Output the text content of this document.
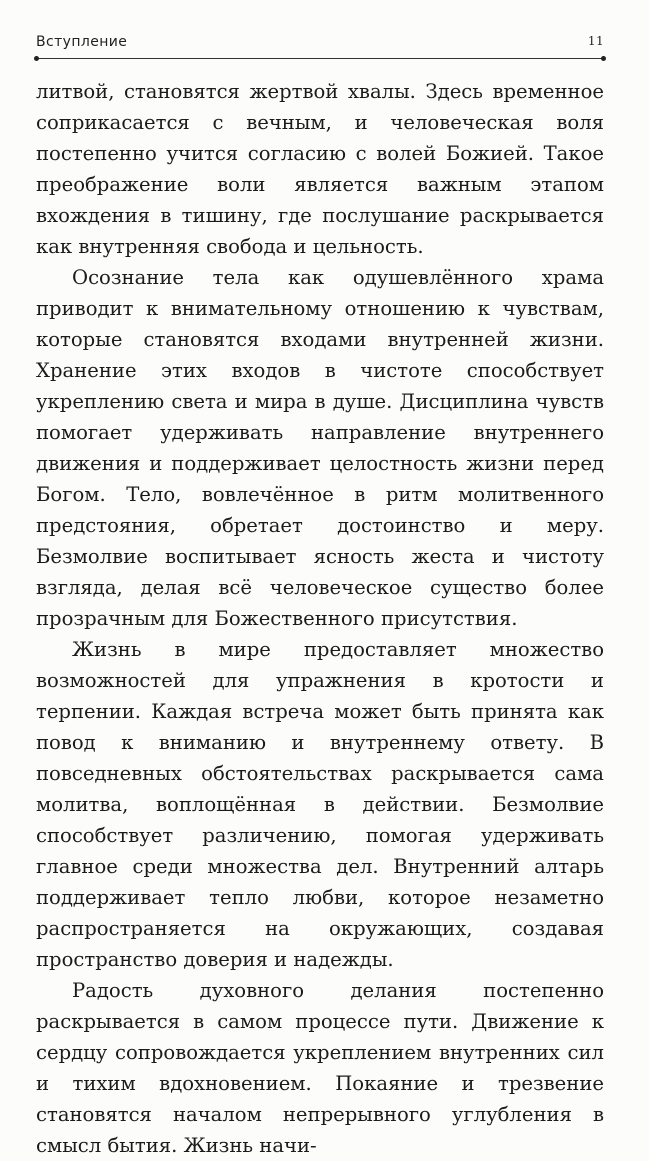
Вступление	11

литвой, становятся жертвой хвалы. Здесь временное соприкасается с вечным, и человеческая воля постепенно учится согласию с волей Божией. Такое преображение воли является важным этапом вхождения в тишину, где послушание раскрывается как внутренняя свобода и цельность.

Осознание тела как одушевлённого храма приводит к внимательному отношению к чувствам, которые становятся входами внутренней жизни. Хранение этих входов в чистоте способствует укреплению света и мира в душе. Дисциплина чувств помогает удерживать направление внутреннего движения и поддерживает целостность жизни перед Богом. Тело, вовлечённое в ритм молитвенного предстояния, обретает достоинство и меру. Безмолвие воспитывает ясность жеста и чистоту взгляда, делая всё человеческое существо более прозрачным для Божественного присутствия.

Жизнь в мире предоставляет множество возможностей для упражнения в кротости и терпении. Каждая встреча может быть принята как повод к вниманию и внутреннему ответу. В повседневных обстоятельствах раскрывается сама молитва, воплощённая в действии. Безмолвие способствует различению, помогая удерживать главное среди множества дел. Внутренний алтарь поддерживает тепло любви, которое незаметно распространяется на окружающих, создавая пространство доверия и надежды.

Радость духовного делания постепенно раскрывается в самом процессе пути. Движение к сердцу сопровождается укреплением внутренних сил и тихим вдохновением. Покаяние и трезвение становятся началом непрерывного углубления в смысл бытия. Жизнь начи-
